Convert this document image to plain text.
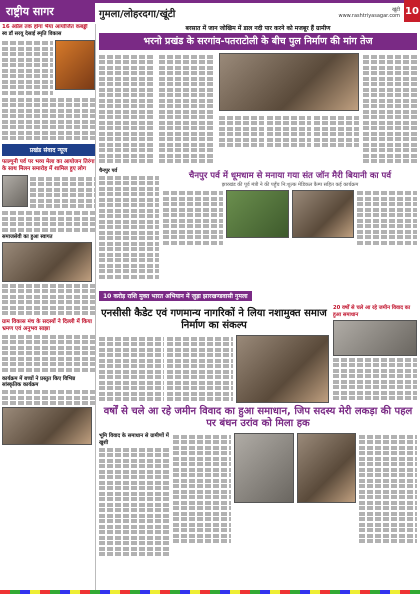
राष्ट्रीय सागर	गुमला/लोहरदगा/खूंटी	खूंटी
www.rashtriyasagar.com 10
16 अप्रैल तक होगा भैया आयोजित कबड्डी
स्व डॉ सरयू देसाई स्मृति विकास
प्रखंड संवाद न्यूज
फाल्गुनी पर्व पर भव्य मेला का आयोजन तिरंगा के साथ मिलन समारोह में शामिल हुए लोग
समाजसेवी का हुआ स्वागत
ग्राम विकास मंच के सदस्यों ने दिल्ली में किया भ्रमण एवं अनुभव साझा
कार्यक्रम में बच्चों ने प्रस्तुत किए विभिन्न सांस्कृतिक कार्यक्रम
बरसात में जान जोखिम में डाल नदी पार करने को मजबूर हैं ग्रामीण
भरनो प्रखंड के सरगांव-पतराटोली के बीच पुल निर्माण की मांग तेज
चैनपुर पर्व	चैनपुर पर्व में धूमधाम से मनाया गया संत जॉन मैरी बियानी का पर्व
झारखंड की पूर्व मंत्री ने की पहुँच नि:शुल्क मेडिकल कैम्प सहित कई कार्यक्रम
10 करोड़ राशि मुक्त भारत अभियान में जुड़ा झारखण्डवासी गुमला
एनसीसी कैडेट एवं गणमान्य नागरिकों ने लिया नशामुक्त समाज निर्माण का संकल्प
20 वर्षों से चले आ रहे जमीन विवाद का हुआ समाधान
वर्षों से चले आ रहे जमीन विवाद का हुआ समाधान, जिप सदस्य मेरी लकड़ा की पहल पर बंधन उरांव को मिला हक
भूमि विवाद के समाधान से ग्रामीणों में खुशी
